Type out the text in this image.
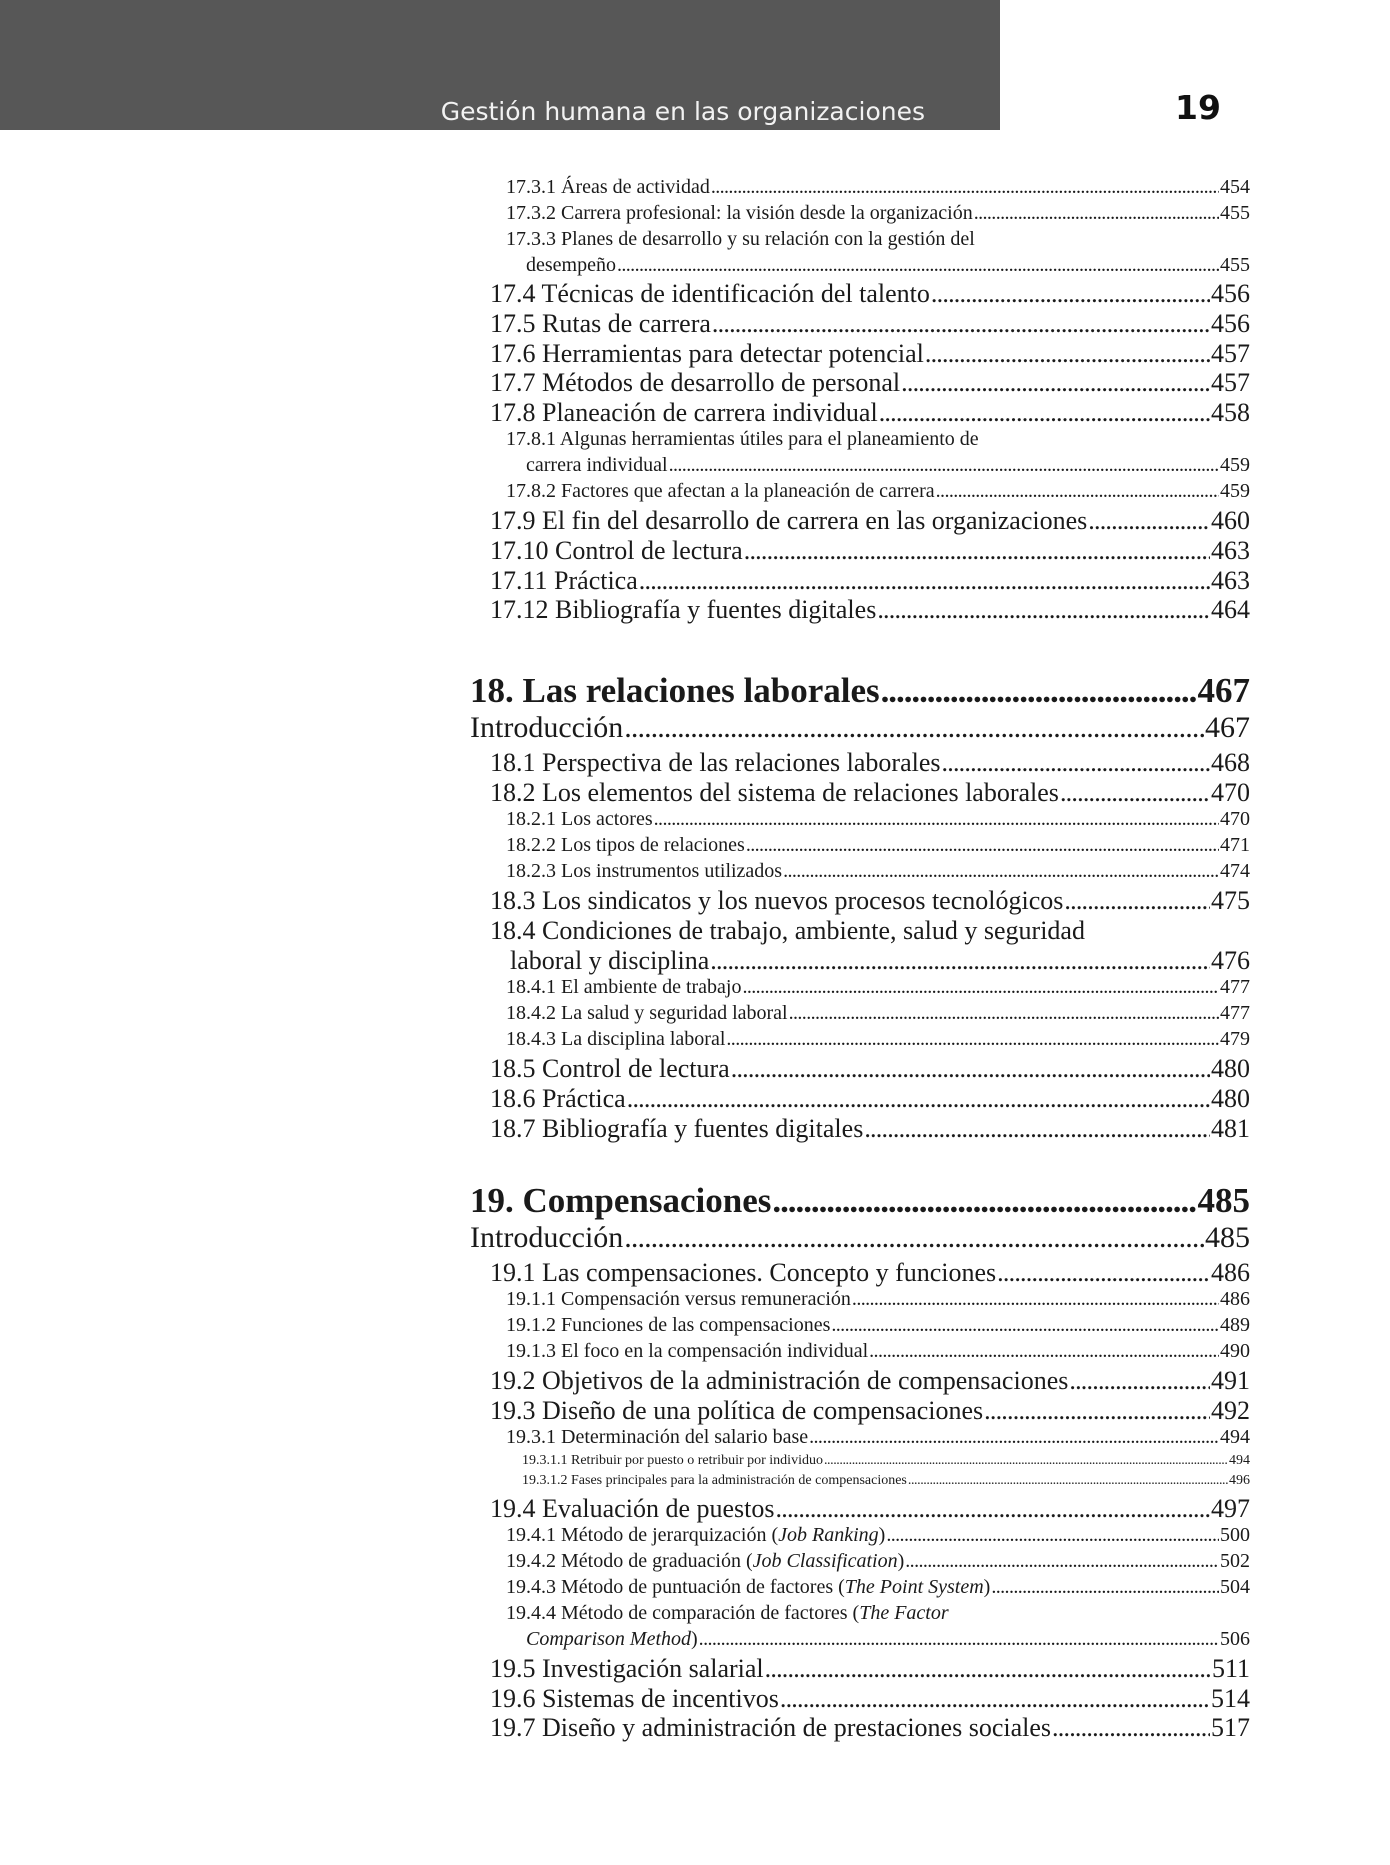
Gestión humana en las organizaciones	19
17.3.1 Áreas de actividad . . .	454
17.3.2 Carrera profesional: la visión desde la organización . . .	455
17.3.3 Planes de desarrollo y su relación con la gestión del
desempeño . . .	455
17.4 Técnicas de identificación del talento . . .	456
17.5 Rutas de carrera . . .	456
17.6 Herramientas para detectar potencial . . .	457
17.7 Métodos de desarrollo de personal . . .	457
17.8 Planeación de carrera individual . . .	458
17.8.1 Algunas herramientas útiles para el planeamiento de
carrera individual . . .	459
17.8.2 Factores que afectan a la planeación de carrera . . .	459
17.9 El fin del desarrollo de carrera en las organizaciones . . .	460
17.10 Control de lectura . . .	463
17.11 Práctica . . .	463
17.12 Bibliografía y fuentes digitales . . .	464
18. Las relaciones laborales . . .	467
Introducción . . .	467
18.1 Perspectiva de las relaciones laborales . . .	468
18.2 Los elementos del sistema de relaciones laborales . . .	470
18.2.1 Los actores . . .	470
18.2.2 Los tipos de relaciones . . .	471
18.2.3 Los instrumentos utilizados . . .	474
18.3 Los sindicatos y los nuevos procesos tecnológicos . . .	475
18.4 Condiciones de trabajo, ambiente, salud y seguridad
laboral y disciplina . . .	476
18.4.1 El ambiente de trabajo . . .	477
18.4.2 La salud y seguridad laboral . . .	477
18.4.3 La disciplina laboral . . .	479
18.5 Control de lectura . . .	480
18.6 Práctica . . .	480
18.7 Bibliografía y fuentes digitales . . .	481
19. Compensaciones . . .	485
Introducción . . .	485
19.1 Las compensaciones. Concepto y funciones . . .	486
19.1.1 Compensación versus remuneración . . .	486
19.1.2 Funciones de las compensaciones . . .	489
19.1.3 El foco en la compensación individual . . .	490
19.2 Objetivos de la administración de compensaciones . . .	491
19.3 Diseño de una política de compensaciones . . .	492
19.3.1 Determinación del salario base . . .	494
19.3.1.1 Retribuir por puesto o retribuir por individuo . . .	494
19.3.1.2 Fases principales para la administración de compensaciones . . .	496
19.4 Evaluación de puestos . . .	497
19.4.1 Método de jerarquización (Job Ranking) . . .	500
19.4.2 Método de graduación (Job Classification) . . .	502
19.4.3 Método de puntuación de factores (The Point System) . . .	504
19.4.4 Método de comparación de factores (The Factor
Comparison Method) . . .	506
19.5 Investigación salarial . . .	511
19.6 Sistemas de incentivos . . .	514
19.7 Diseño y administración de prestaciones sociales . . .	517
